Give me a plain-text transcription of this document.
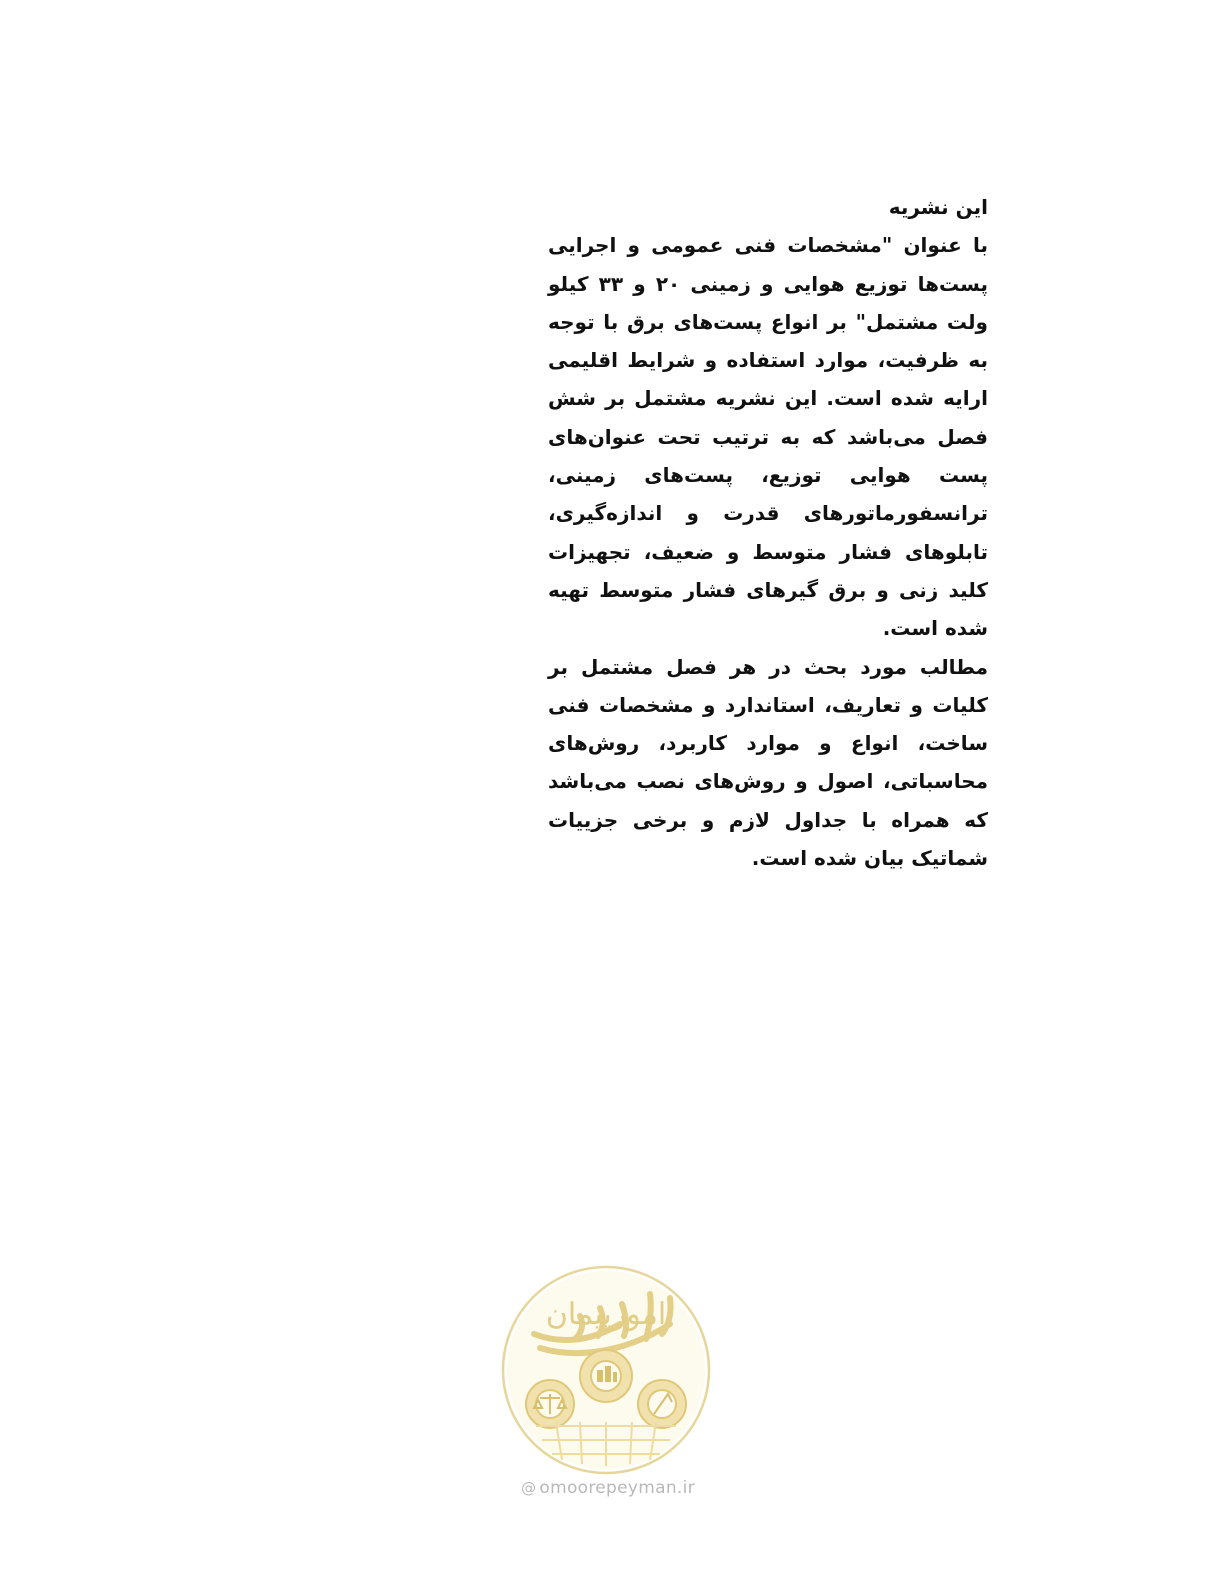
این نشریه
با عنوان "مشخصات فنی عمومی و اجرایی پست‌ها توزیع هوایی و زمینی ۲۰ و ۳۳ کیلو ولت مشتمل" بر انواع پست‌های برق با توجه به ظرفیت، موارد استفاده و شرایط اقلیمی ارایه شده است. این نشریه مشتمل بر شش فصل می‌باشد که به ترتیب تحت عنوان‌های پست هوایی توزیع، پست‌های زمینی، ترانسفورماتورهای قدرت و اندازه‌گیری، تابلوهای فشار متوسط و ضعیف، تجهیزات کلید زنی و برق گیرهای فشار متوسط تهیه شده است.
مطالب مورد بحث در هر فصل مشتمل بر کلیات و تعاریف، استاندارد و مشخصات فنی ساخت، انواع و موارد کاربرد، روش‌های محاسباتی، اصول و روش‌های نصب می‌باشد که همراه با جداول لازم و برخی جزییات شماتیک بیان شده است.
امورپیمان
@ omoorepeyman.ir
